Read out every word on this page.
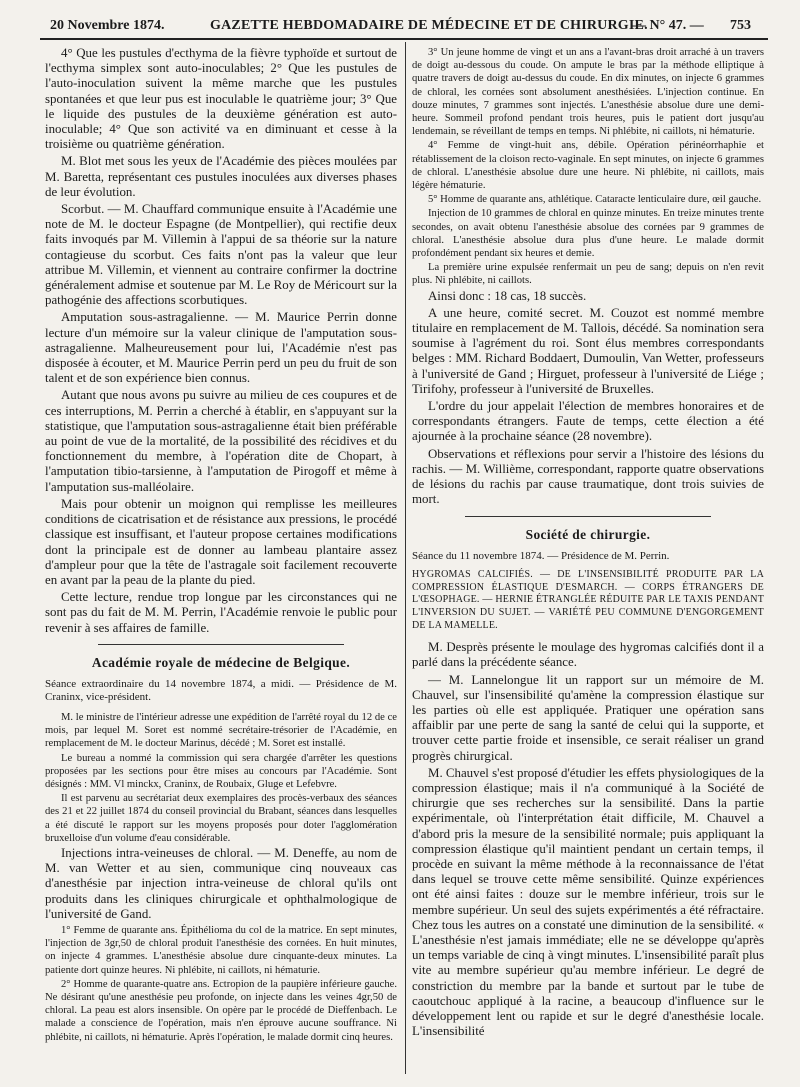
20 Novembre 1874.	GAZETTE HEBDOMADAIRE DE MÉDECINE ET DE CHIRURGIE.
— N° 47. — 753

4° Que les pustules d'ecthyma de la fièvre typhoïde et surtout de l'ecthyma simplex sont auto-inoculables; 2° Que les pustules de l'auto-inoculation suivent la même marche que les pustules spontanées et que leur pus est inoculable le quatrième jour; 3° Que le liquide des pustules de la deuxième génération est auto-inoculable; 4° Que son activité va en diminuant et cesse à la troisième ou quatrième génération.

M. Blot met sous les yeux de l'Académie des pièces moulées par M. Baretta, représentant ces pustules inoculées aux diverses phases de leur évolution.

Scorbut. — M. Chauffard communique ensuite à l'Académie une note de M. le docteur Espagne (de Montpellier), qui rectifie deux faits invoqués par M. Villemin à l'appui de sa théorie sur la nature contagieuse du scorbut. Ces faits n'ont pas la valeur que leur attribue M. Villemin, et viennent au contraire confirmer la doctrine généralement admise et soutenue par M. Le Roy de Méricourt sur la pathogénie des affections scorbutiques.

Amputation sous-astragalienne. — M. Maurice Perrin donne lecture d'un mémoire sur la valeur clinique de l'amputation sous-astragalienne. Malheureusement pour lui, l'Académie n'est pas disposée à écouter, et M. Maurice Perrin perd un peu du fruit de son talent et de son expérience bien connus.

Autant que nous avons pu suivre au milieu de ces coupures et de ces interruptions, M. Perrin a cherché à établir, en s'appuyant sur la statistique, que l'amputation sous-astragalienne était bien préférable au point de vue de la mortalité, de la possibilité des récidives et du fonctionnement du membre, à l'opération dite de Chopart, à l'amputation tibio-tarsienne, à l'amputation de Pirogoff et même à l'amputation sus-malléolaire.

Mais pour obtenir un moignon qui remplisse les meilleures conditions de cicatrisation et de résistance aux pressions, le procédé classique est insuffisant, et l'auteur propose certaines modifications dont la principale est de donner au lambeau plantaire assez d'ampleur pour que la tête de l'astragale soit facilement recouverte en avant par la peau de la plante du pied.

Cette lecture, rendue trop longue par les circonstances qui ne sont pas du fait de M. M. Perrin, l'Académie renvoie le public pour revenir à ses affaires de famille.

Académie royale de médecine de Belgique.

Séance extraordinaire du 14 novembre 1874, a midi. — Présidence de M. Craninx, vice-président.

M. le ministre de l'intérieur adresse une expédition de l'arrêté royal du 12 de ce mois, par lequel M. Soret est nommé secrétaire-trésorier de l'Académie, en remplacement de M. le docteur Marinus, décédé ; M. Soret est installé.

Le bureau a nommé la commission qui sera chargée d'arrêter les questions proposées par les sections pour être mises au concours par l'Académie. Sont désignés : MM. Vl minckx, Craninx, de Roubaix, Gluge et Lefebvre.

Il est parvenu au secrétariat deux exemplaires des procès-verbaux des séances des 21 et 22 juillet 1874 du conseil provincial du Brabant, séances dans lesquelles a été discuté le rapport sur les moyens proposés pour doter l'agglomération bruxelloise d'un volume d'eau considérable.

Injections intra-veineuses de chloral. — M. Deneffe, au nom de M. van Wetter et au sien, communique cinq nouveaux cas d'anesthésie par injection intra-veineuse de chloral qu'ils ont produits dans les cliniques chirurgicale et ophthalmologique de l'université de Gand.

1° Femme de quarante ans. Épithélioma du col de la matrice. En sept minutes, l'injection de 3gr,50 de chloral produit l'anesthésie des cornées. En huit minutes, on injecte 4 grammes. L'anesthésie absolue dure cinquante-deux minutes. La patiente dort quinze heures. Ni phlébite, ni caillots, ni hématurie.

2° Homme de quarante-quatre ans. Ectropion de la paupière inférieure gauche. Ne désirant qu'une anesthésie peu profonde, on injecte dans les veines 4gr,50 de chloral. La peau est alors insensible. On opère par le procédé de Dieffenbach. Le malade a conscience de l'opération, mais n'en éprouve aucune souffrance. Ni phlébite, ni caillots, ni hématurie. Après l'opération, le malade dormit cinq heures.

3° Un jeune homme de vingt et un ans a l'avant-bras droit arraché à un travers de doigt au-dessous du coude. On ampute le bras par la méthode elliptique à quatre travers de doigt au-dessus du coude. En dix minutes, on injecte 6 grammes de chloral, les cornées sont absolument anesthésiées. L'injection continue. En douze minutes, 7 grammes sont injectés. L'anesthésie absolue dure une demi-heure. Sommeil profond pendant trois heures, puis le patient dort jusqu'au lendemain, se réveillant de temps en temps. Ni phlébite, ni caillots, ni hématurie.

4° Femme de vingt-huit ans, débile. Opération périnéorrhaphie et rétablissement de la cloison recto-vaginale. En sept minutes, on injecte 6 grammes de chloral. L'anesthésie absolue dure une heure. Ni phlébite, ni caillots, mais légère hématurie.

5° Homme de quarante ans, athlétique. Cataracte lenticulaire dure, œil gauche.

Injection de 10 grammes de chloral en quinze minutes. En treize minutes trente secondes, on avait obtenu l'anesthésie absolue des cornées par 9 grammes de chloral. L'anesthésie absolue dura plus d'une heure. Le malade dormit profondément pendant six heures et demie.

La première urine expulsée renfermait un peu de sang; depuis on n'en revit plus. Ni phlébite, ni caillots.

Ainsi donc : 18 cas, 18 succès.

A une heure, comité secret. M. Couzot est nommé membre titulaire en remplacement de M. Tallois, décédé. Sa nomination sera soumise à l'agrément du roi. Sont élus membres correspondants belges : MM. Richard Boddaert, Dumoulin, Van Wetter, professeurs à l'université de Gand ; Hirguet, professeur à l'université de Liége ; Tirifohy, professeur à l'université de Bruxelles.

L'ordre du jour appelait l'élection de membres honoraires et de correspondants étrangers. Faute de temps, cette élection a été ajournée à la prochaine séance (28 novembre).

Observations et réflexions pour servir a l'histoire des lésions du rachis. — M. Willième, correspondant, rapporte quatre observations de lésions du rachis par cause traumatique, dont trois suivies de mort.

Société de chirurgie.

Séance du 11 novembre 1874. — Présidence de M. Perrin.

HYGROMAS CALCIFIÉS. — DE L'INSENSIBILITÉ PRODUITE PAR LA COMPRESSION ÉLASTIQUE D'ESMARCH. — CORPS ÉTRANGERS DE L'ŒSOPHAGE. — HERNIE ÉTRANGLÉE RÉDUITE PAR LE TAXIS PENDANT L'INVERSION DU SUJET. — VARIÉTÉ PEU COMMUNE D'ENGORGEMENT DE LA MAMELLE.

M. Desprès présente le moulage des hygromas calcifiés dont il a parlé dans la précédente séance.

— M. Lannelongue lit un rapport sur un mémoire de M. Chauvel, sur l'insensibilité qu'amène la compression élastique sur les parties où elle est appliquée. Pratiquer une opération sans affaiblir par une perte de sang la santé de celui qui la supporte, et trouver cette partie froide et insensible, ce serait réaliser un grand progrès chirurgical.

M. Chauvel s'est proposé d'étudier les effets physiologiques de la compression élastique; mais il n'a communiqué à la Société de chirurgie que ses recherches sur la sensibilité. Dans la partie expérimentale, où l'interprétation était difficile, M. Chauvel a d'abord pris la mesure de la sensibilité normale; puis appliquant la compression élastique qu'il maintient pendant un certain temps, il procède en suivant la même méthode à la reconnaissance de l'état dans lequel se trouve cette même sensibilité. Quinze expériences ont été ainsi faites : douze sur le membre inférieur, trois sur le membre supérieur. Un seul des sujets expérimentés a été réfractaire. Chez tous les autres on a constaté une diminution de la sensibilité. « L'anesthésie n'est jamais immédiate; elle ne se développe qu'après un temps variable de cinq à vingt minutes. L'insensibilité paraît plus vite au membre supérieur qu'au membre inférieur. Le degré de constriction du membre par la bande et surtout par le tube de caoutchouc appliqué à la racine, a beaucoup d'influence sur le développement lent ou rapide et sur le degré d'anesthésie locale. L'insensibilité
